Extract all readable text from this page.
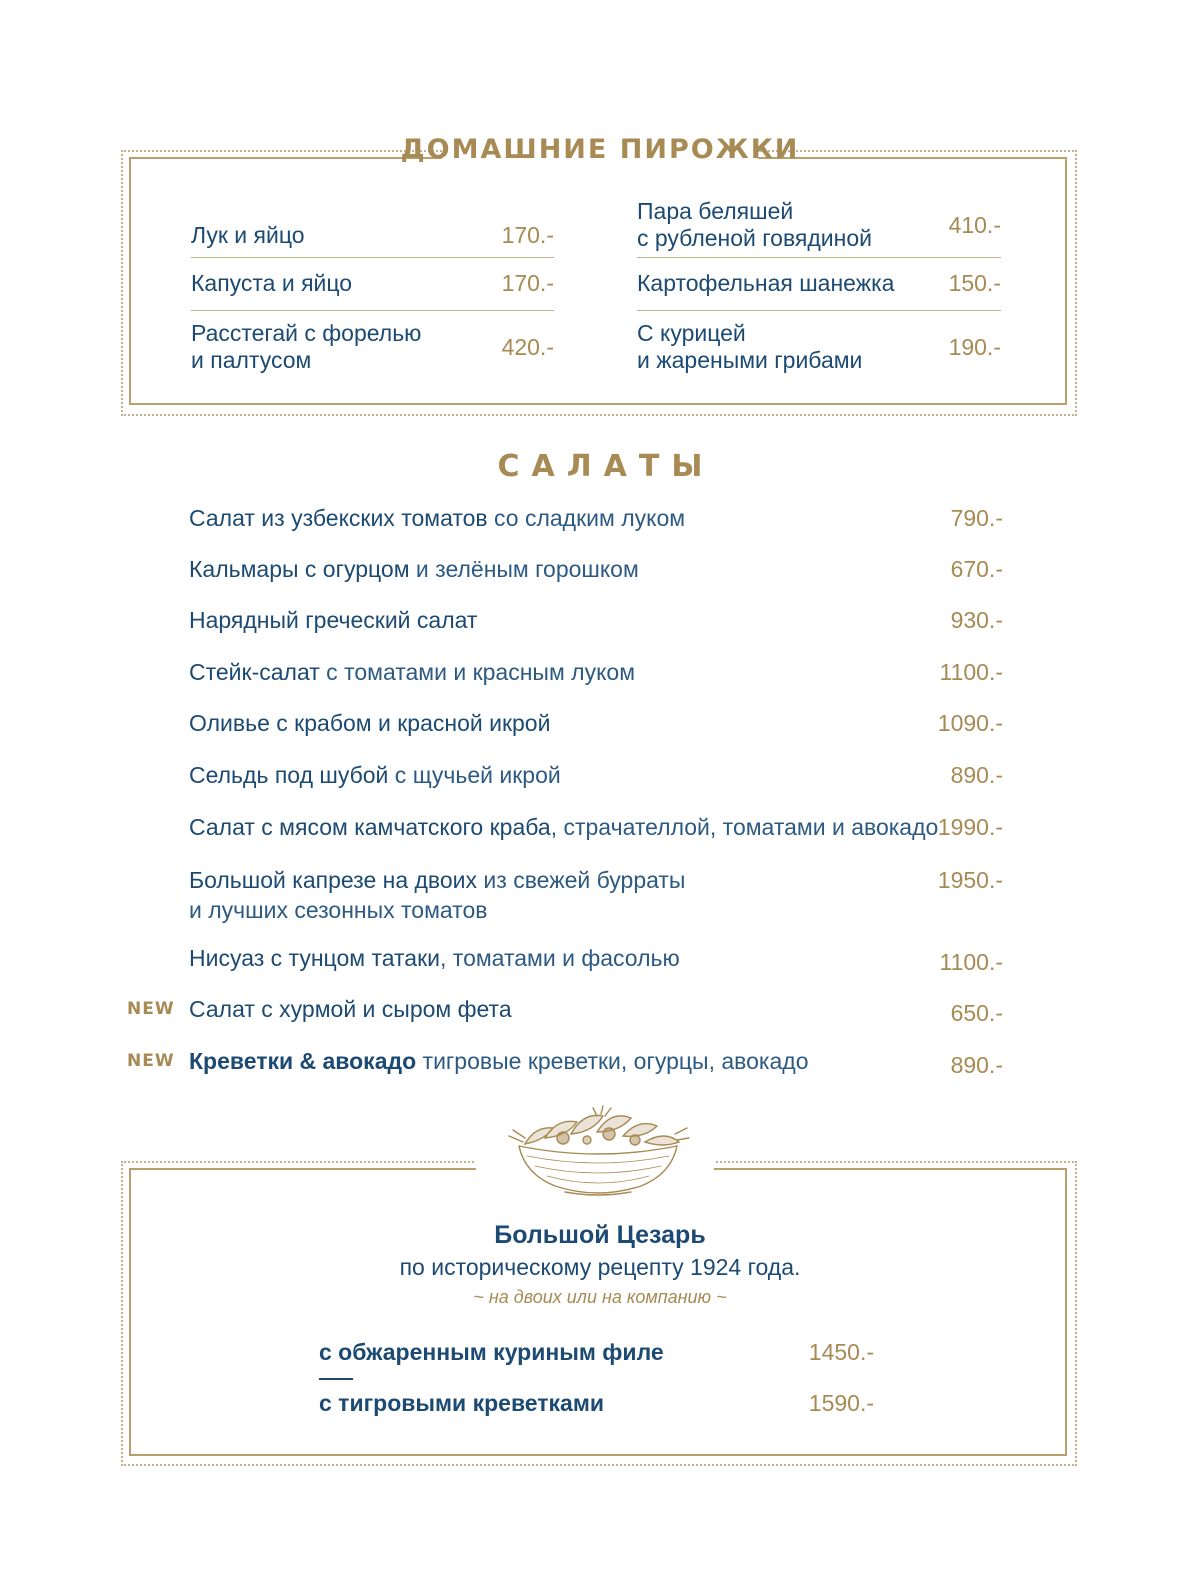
ДОМАШНИЕ ПИРОЖКИ
Лук и яйцо	170.-
Капуста и яйцо	170.-
Расстегай с форелью
и палтусом
420.-
Пара беляшей
с рубленой говядиной
410.-
Картофельная шанежка 150.-
С курицей
и жареными грибами
190.-
САЛАТЫ
Салат из узбекских томатов со сладким луком	790.-
Кальмары с огурцом и зелёным горошком	670.-
Нарядный греческий салат	930.-
Стейк-салат с томатами и красным луком	1100.-
Оливье с крабом и красной икрой	1090.-
Сельдь под шубой с щучьей икрой	890.-
Салат с мясом камчатского краба, страчателлой, томатами и авокадо 1990.-
Большой капрезе на двоих из свежей бурраты
и лучших сезонных томатов
1950.-
Нисуаз с тунцом татаки, томатами и фасолью	1100.-
NEW Салат с хурмой и сыром фета	650.-
NEW Креветки & авокадо тигровые креветки, огурцы, авокадо	890.-
Большой Цезарь
по историческому рецепту 1924 года.
~ на двоих или на компанию ~
с обжаренным куриным филе	1450.-
с тигровыми креветками	1590.-
